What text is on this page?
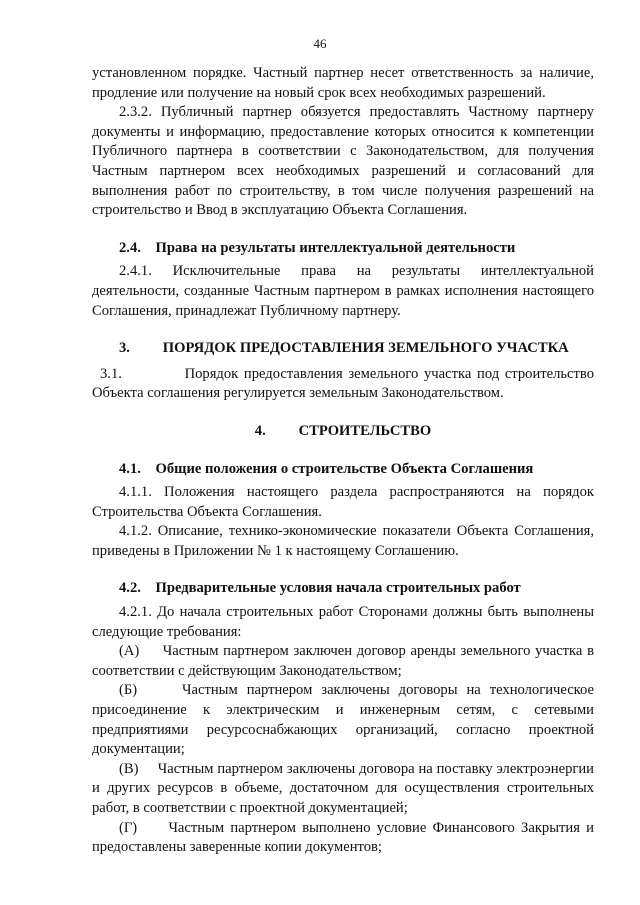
46

установленном порядке. Частный партнер несет ответственность за наличие, продление или получение на новый срок всех необходимых разрешений.

2.3.2. Публичный партнер обязуется предоставлять Частному партнеру документы и информацию, предоставление которых относится к компетенции Публичного партнера в соответствии с Законодательством, для получения Частным партнером всех необходимых разрешений и согласований для выполнения работ по строительству, в том числе получения разрешений на строительство и Ввод в эксплуатацию Объекта Соглашения.

2.4. Права на результаты интеллектуальной деятельности

2.4.1. Исключительные права на результаты интеллектуальной деятельности, созданные Частным партнером в рамках исполнения настоящего Соглашения, принадлежат Публичному партнеру.

3. ПОРЯДОК ПРЕДОСТАВЛЕНИЯ ЗЕМЕЛЬНОГО УЧАСТКА

3.1.	Порядок предоставления земельного участка под строительство Объекта соглашения регулируется земельным Законодательством.

4. СТРОИТЕЛЬСТВО
4.1. Общие положения о строительстве Объекта Соглашения

4.1.1. Положения настоящего раздела распространяются на порядок Строительства Объекта Соглашения.

4.1.2. Описание, технико-экономические показатели Объекта Соглашения, приведены в Приложении № 1 к настоящему Соглашению.

4.2. Предварительные условия начала строительных работ

4.2.1. До начала строительных работ Сторонами должны быть выполнены следующие требования:

(А)     Частным партнером заключен договор аренды земельного участка в соответствии с действующим Законодательством;

(Б)     Частным партнером заключены договоры на технологическое присоединение к электрическим и инженерным сетям, с сетевыми предприятиями ресурсоснабжающих организаций, согласно проектной документации;

(В)     Частным партнером заключены договора на поставку электроэнергии и других ресурсов в объеме, достаточном для осуществления строительных работ, в соответствии с проектной документацией;

(Г)     Частным партнером выполнено условие Финансового Закрытия и предоставлены заверенные копии документов;
